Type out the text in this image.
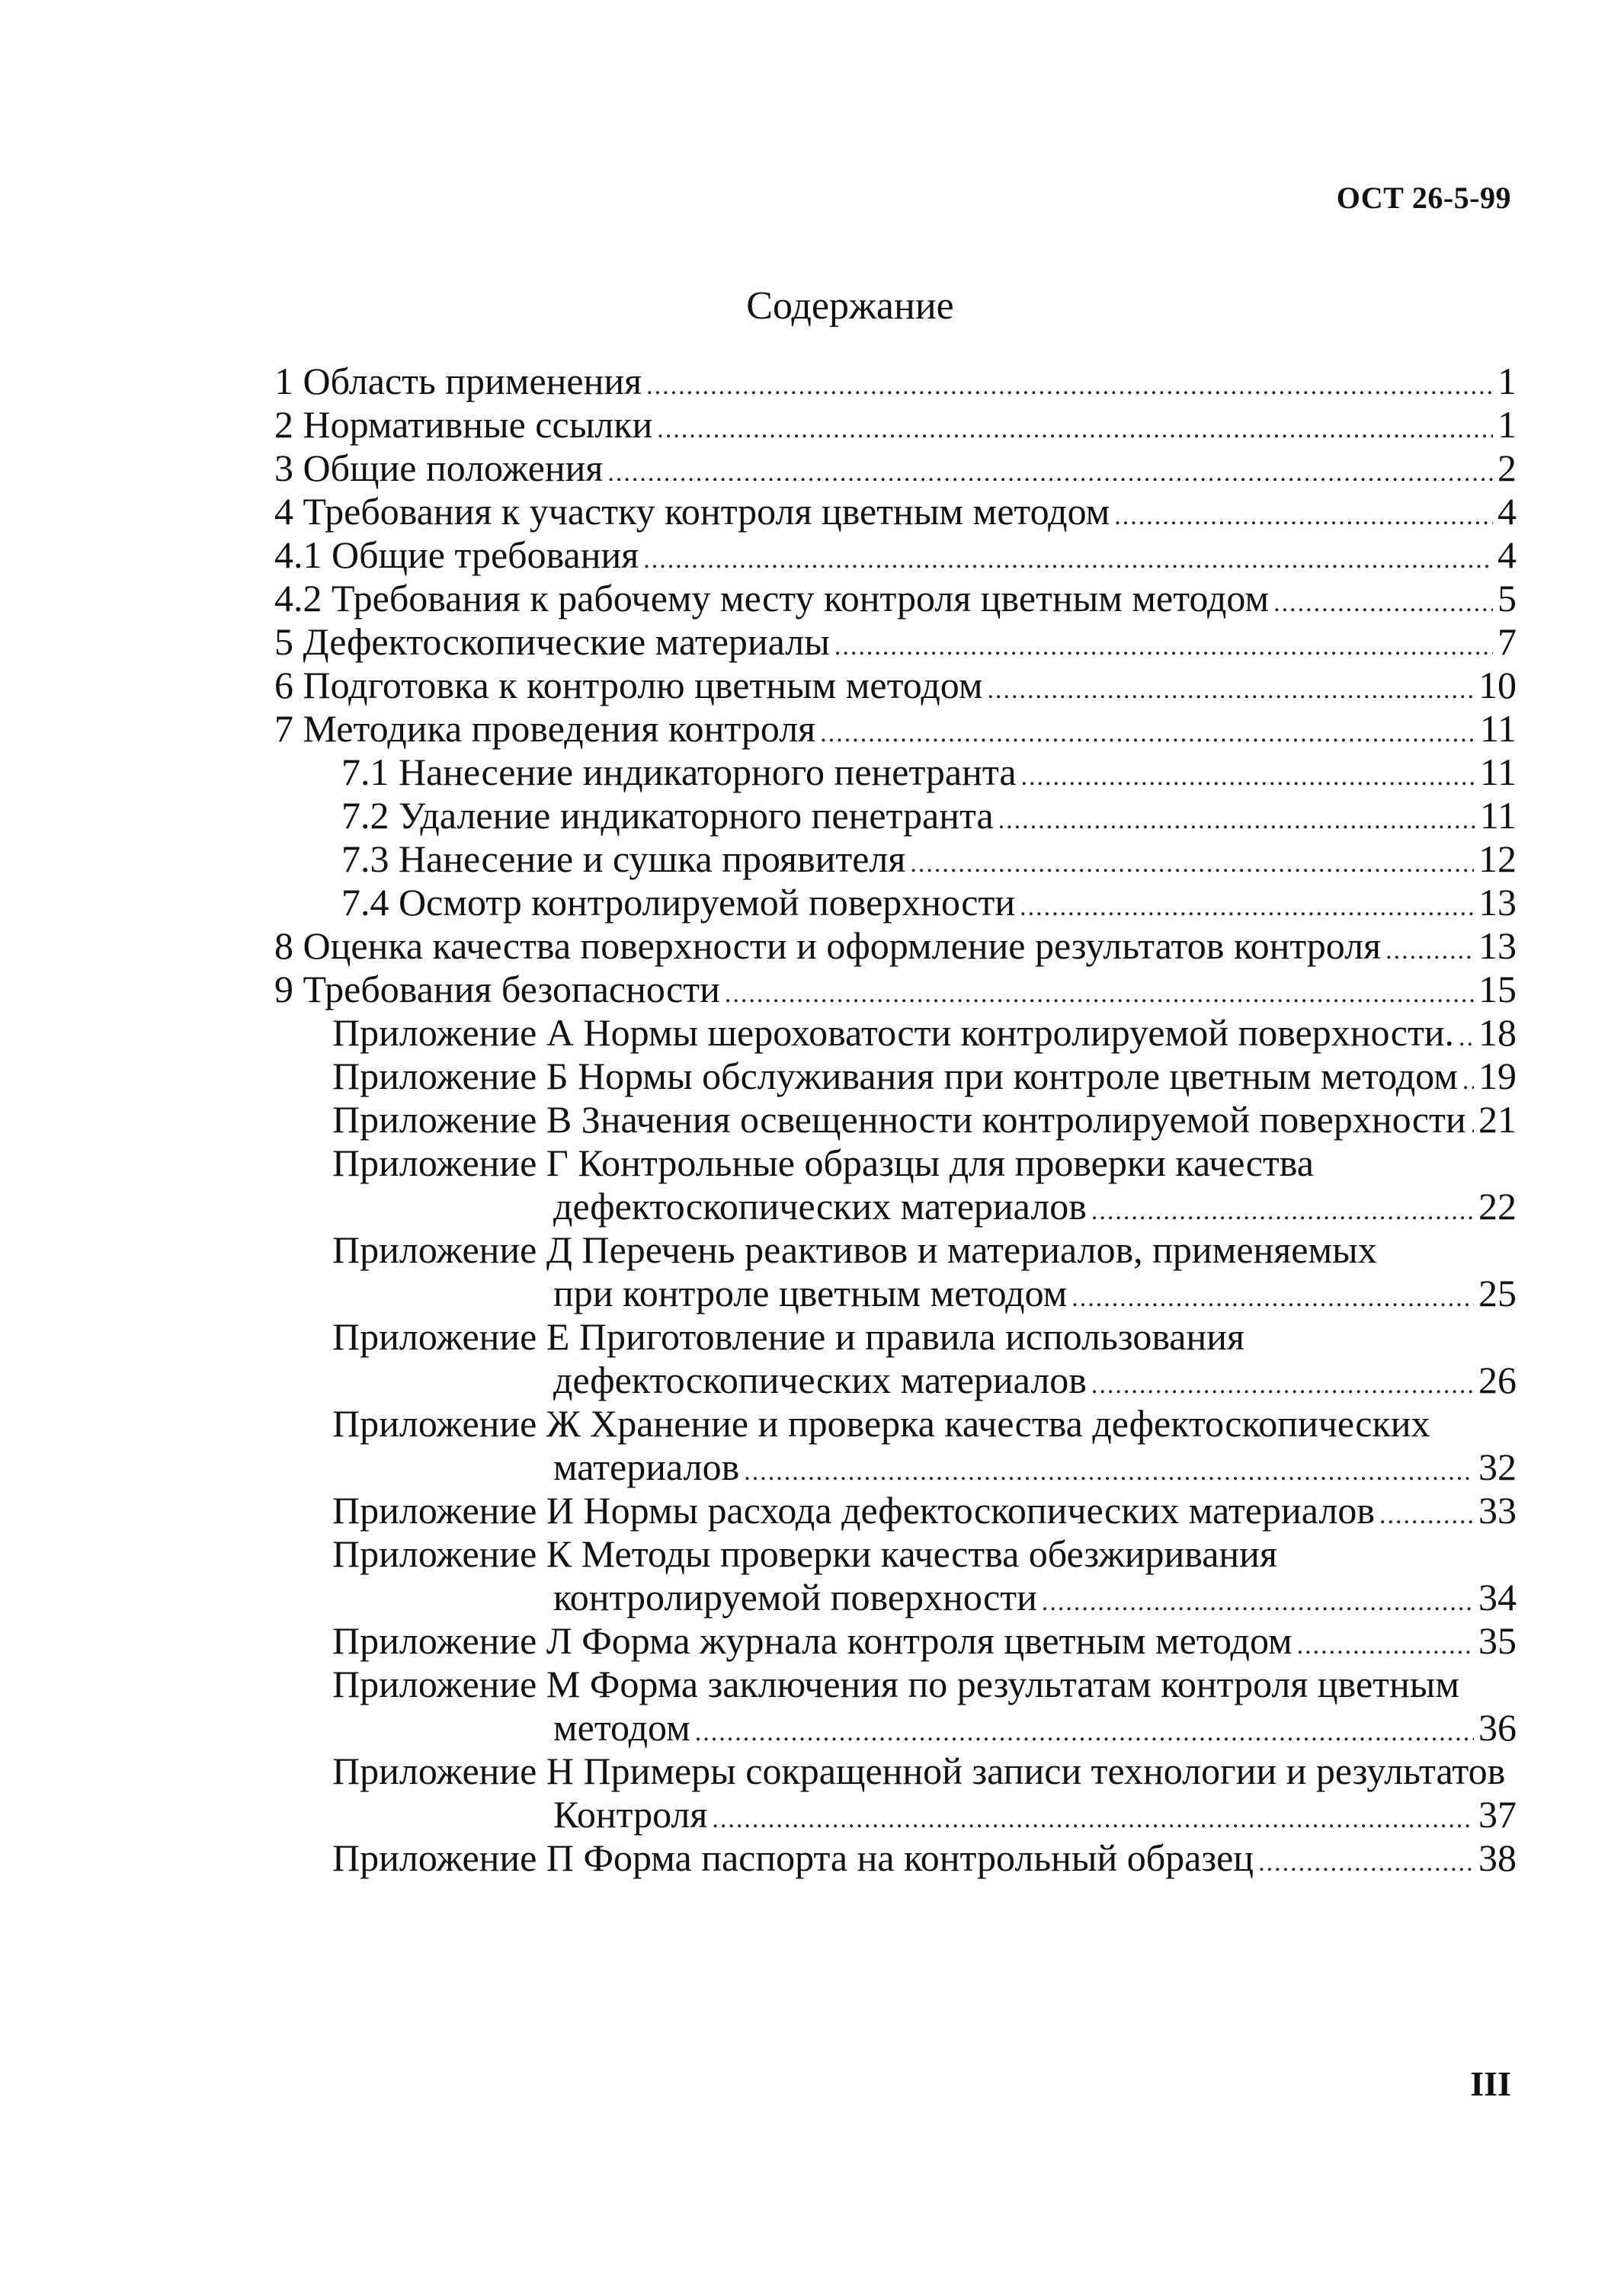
ОСТ 26-5-99
Содержание
1 Область применения .....	1
2 Нормативные ссылки .....	1
3 Общие положения .....	2
4 Требования к участку контроля цветным методом .....	4
4.1 Общие требования .....	4
4.2 Требования к рабочему месту контроля цветным методом .....	5
5 Дефектоскопические материалы .....	7
6 Подготовка к контролю цветным методом .....	10
7 Методика проведения контроля .....	11
7.1 Нанесение индикаторного пенетранта .....	11
7.2 Удаление индикаторного пенетранта .....	11
7.3 Нанесение и сушка проявителя .....	12
7.4 Осмотр контролируемой поверхности .....	13
8 Оценка качества поверхности и оформление результатов контроля .....	13
9 Требования безопасности .....	15
Приложение А Нормы шероховатости контролируемой поверхности. ..... 18
Приложение Б Нормы обслуживания при контроле цветным методом ..... 19
Приложение В Значения освещенности контролируемой поверхности ..... 21
Приложение Г Контрольные образцы для проверки качества
дефектоскопических материалов .....	22
Приложение Д Перечень реактивов и материалов, применяемых
при контроле цветным методом .....	25
Приложение Е Приготовление и правила использования
дефектоскопических материалов .....	26
Приложение Ж Хранение и проверка качества дефектоскопических
материалов .....	32
Приложение И Нормы расхода дефектоскопических материалов .....	33
Приложение К Методы проверки качества обезжиривания
контролируемой поверхности .....	34
Приложение Л Форма журнала контроля цветным методом .....	35
Приложение М Форма заключения по результатам контроля цветным
методом .....	36
Приложение Н Примеры сокращенной записи технологии и результатов
Контроля .....	37
Приложение П Форма паспорта на контрольный образец .....	38
III
